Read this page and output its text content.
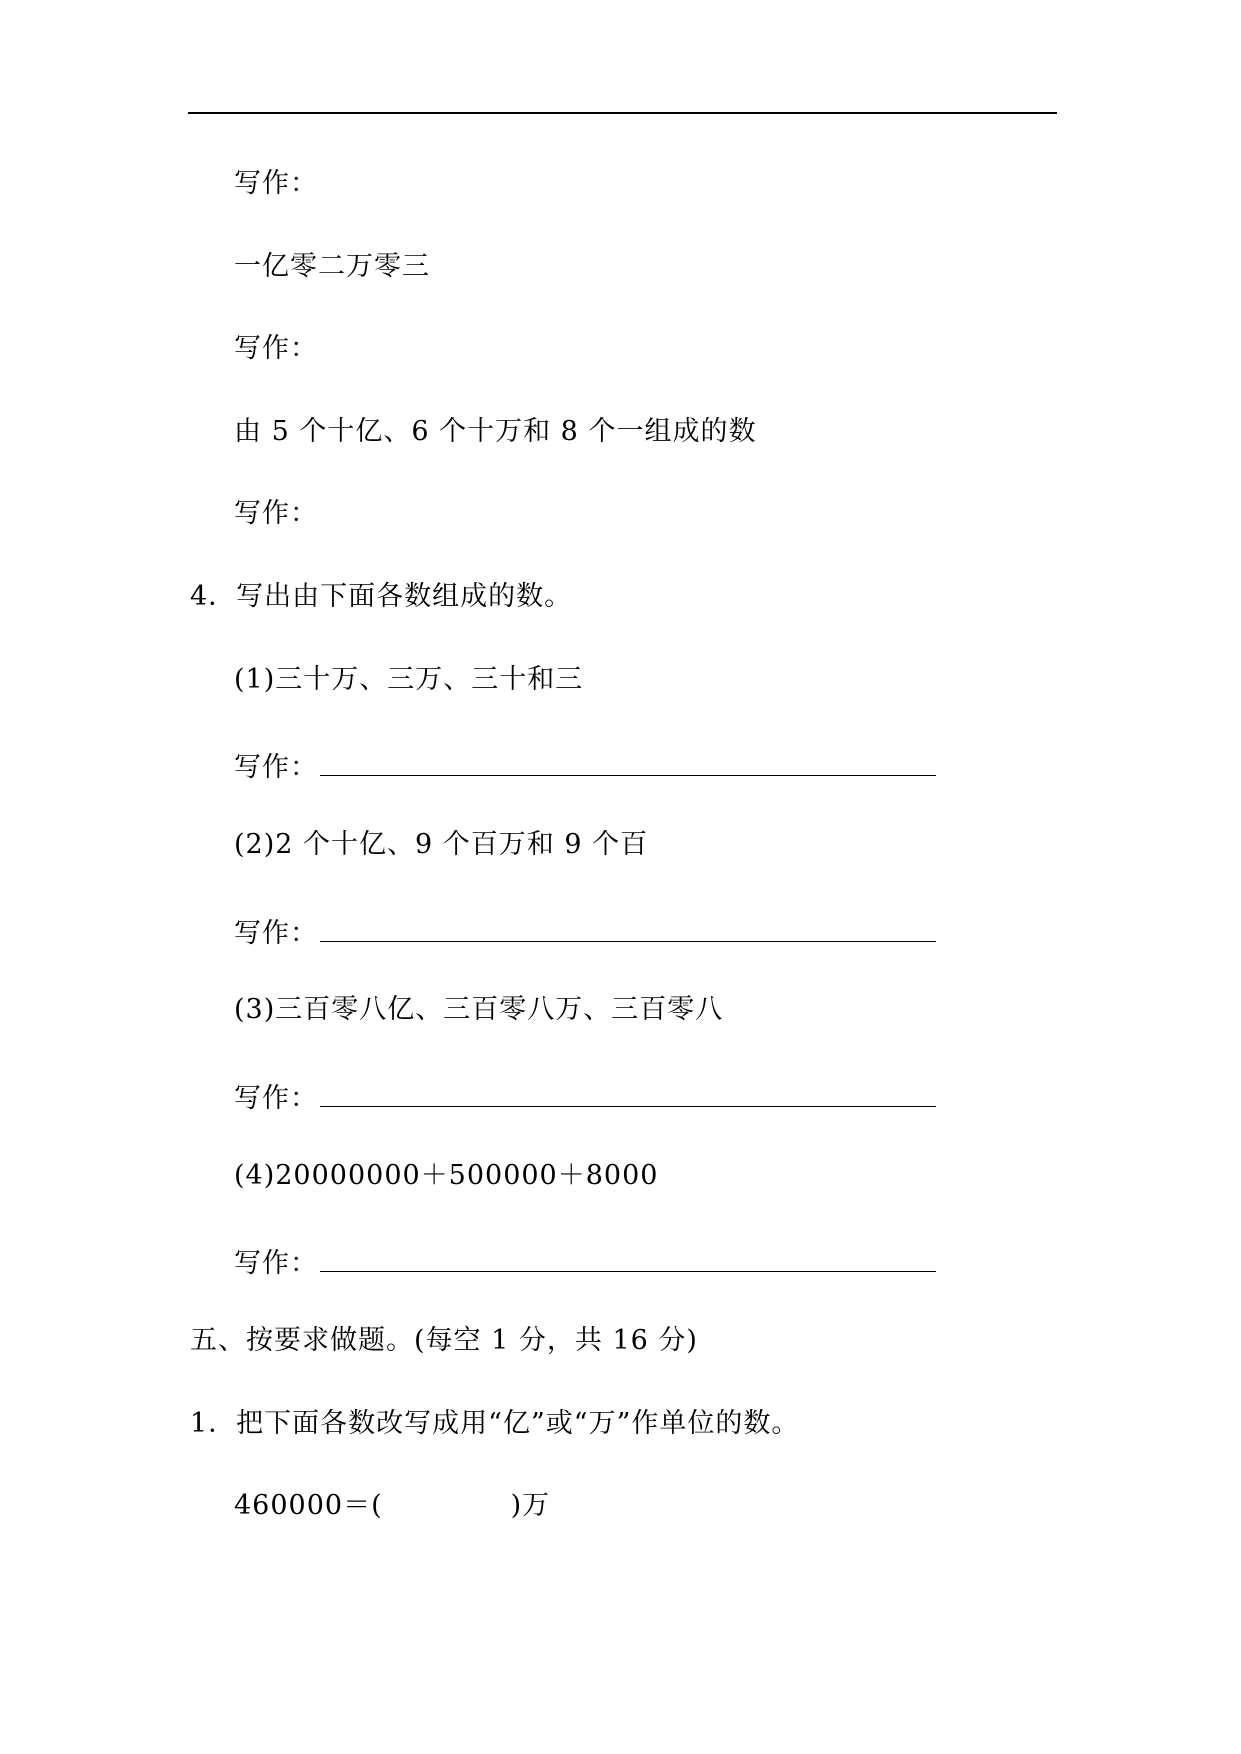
写作：
一亿零二万零三
写作：
由 5 个十亿、6 个十万和 8 个一组成的数
写作：
4．写出由下面各数组成的数。
(1)三十万、三万、三十和三
写作：
(2)2 个十亿、9 个百万和 9 个百
写作：
(3)三百零八亿、三百零八万、三百零八
写作：
(4)20000000＋500000＋8000
写作：
五、按要求做题。(每空 1 分，共 16 分)
1．把下面各数改写成用“亿”或“万”作单位的数。
460000＝(	)万
